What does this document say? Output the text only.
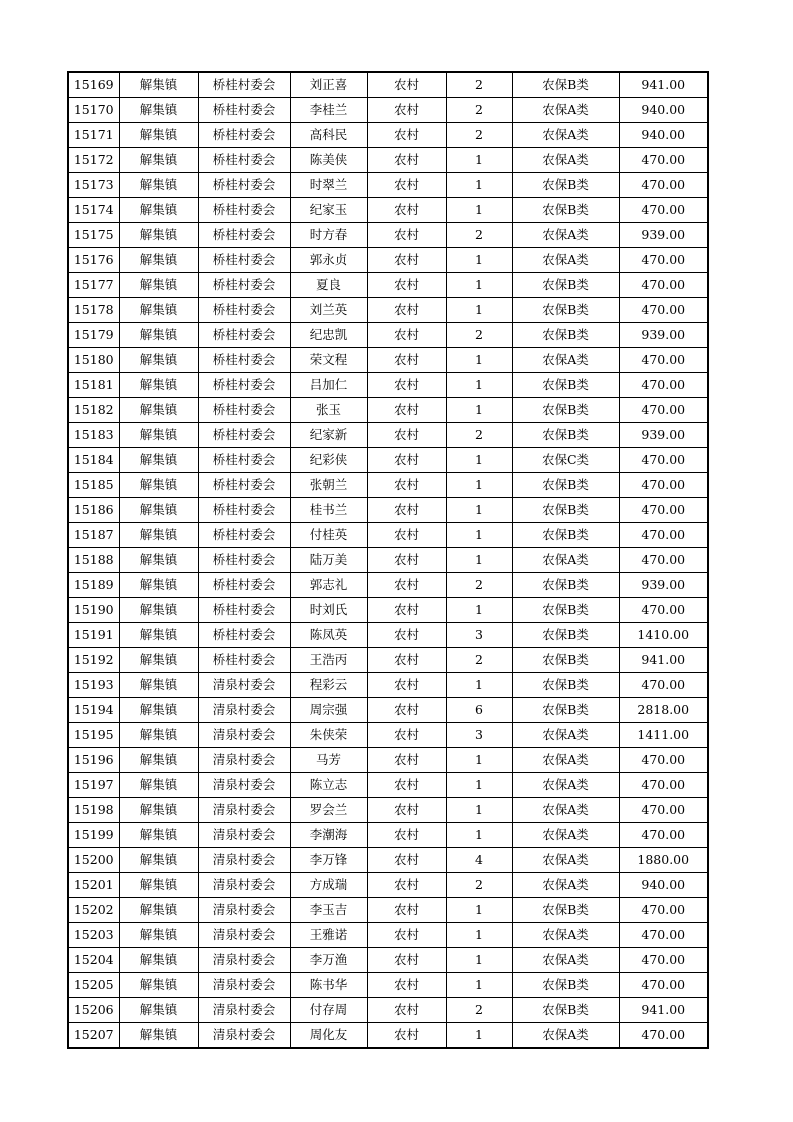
15169	解集镇	桥桂村委会	刘正喜	农村	2	农保B类	941.00
15170	解集镇	桥桂村委会	李桂兰	农村	2	农保A类	940.00
15171	解集镇	桥桂村委会	高科民	农村	2	农保A类	940.00
15172	解集镇	桥桂村委会	陈美侠	农村	1	农保A类	470.00
15173	解集镇	桥桂村委会	时翠兰	农村	1	农保B类	470.00
15174	解集镇	桥桂村委会	纪家玉	农村	1	农保B类	470.00
15175	解集镇	桥桂村委会	时方春	农村	2	农保A类	939.00
15176	解集镇	桥桂村委会	郭永贞	农村	1	农保A类	470.00
15177	解集镇	桥桂村委会	夏良	农村	1	农保B类	470.00
15178	解集镇	桥桂村委会	刘兰英	农村	1	农保B类	470.00
15179	解集镇	桥桂村委会	纪忠凯	农村	2	农保B类	939.00
15180	解集镇	桥桂村委会	荣文程	农村	1	农保A类	470.00
15181	解集镇	桥桂村委会	吕加仁	农村	1	农保B类	470.00
15182	解集镇	桥桂村委会	张玉	农村	1	农保B类	470.00
15183	解集镇	桥桂村委会	纪家新	农村	2	农保B类	939.00
15184	解集镇	桥桂村委会	纪彩侠	农村	1	农保C类	470.00
15185	解集镇	桥桂村委会	张朝兰	农村	1	农保B类	470.00
15186	解集镇	桥桂村委会	桂书兰	农村	1	农保B类	470.00
15187	解集镇	桥桂村委会	付桂英	农村	1	农保B类	470.00
15188	解集镇	桥桂村委会	陆万美	农村	1	农保A类	470.00
15189	解集镇	桥桂村委会	郭志礼	农村	2	农保B类	939.00
15190	解集镇	桥桂村委会	时刘氏	农村	1	农保B类	470.00
15191	解集镇	桥桂村委会	陈凤英	农村	3	农保B类	1410.00
15192	解集镇	桥桂村委会	王浩丙	农村	2	农保B类	941.00
15193	解集镇	清泉村委会	程彩云	农村	1	农保B类	470.00
15194	解集镇	清泉村委会	周宗强	农村	6	农保B类	2818.00
15195	解集镇	清泉村委会	朱侠荣	农村	3	农保A类	1411.00
15196	解集镇	清泉村委会	马芳	农村	1	农保A类	470.00
15197	解集镇	清泉村委会	陈立志	农村	1	农保A类	470.00
15198	解集镇	清泉村委会	罗会兰	农村	1	农保A类	470.00
15199	解集镇	清泉村委会	李潮海	农村	1	农保A类	470.00
15200	解集镇	清泉村委会	李万锋	农村	4	农保A类	1880.00
15201	解集镇	清泉村委会	方成瑞	农村	2	农保A类	940.00
15202	解集镇	清泉村委会	李玉吉	农村	1	农保B类	470.00
15203	解集镇	清泉村委会	王雅诺	农村	1	农保A类	470.00
15204	解集镇	清泉村委会	李万渔	农村	1	农保A类	470.00
15205	解集镇	清泉村委会	陈书华	农村	1	农保B类	470.00
15206	解集镇	清泉村委会	付存周	农村	2	农保B类	941.00
15207	解集镇	清泉村委会	周化友	农村	1	农保A类	470.00
